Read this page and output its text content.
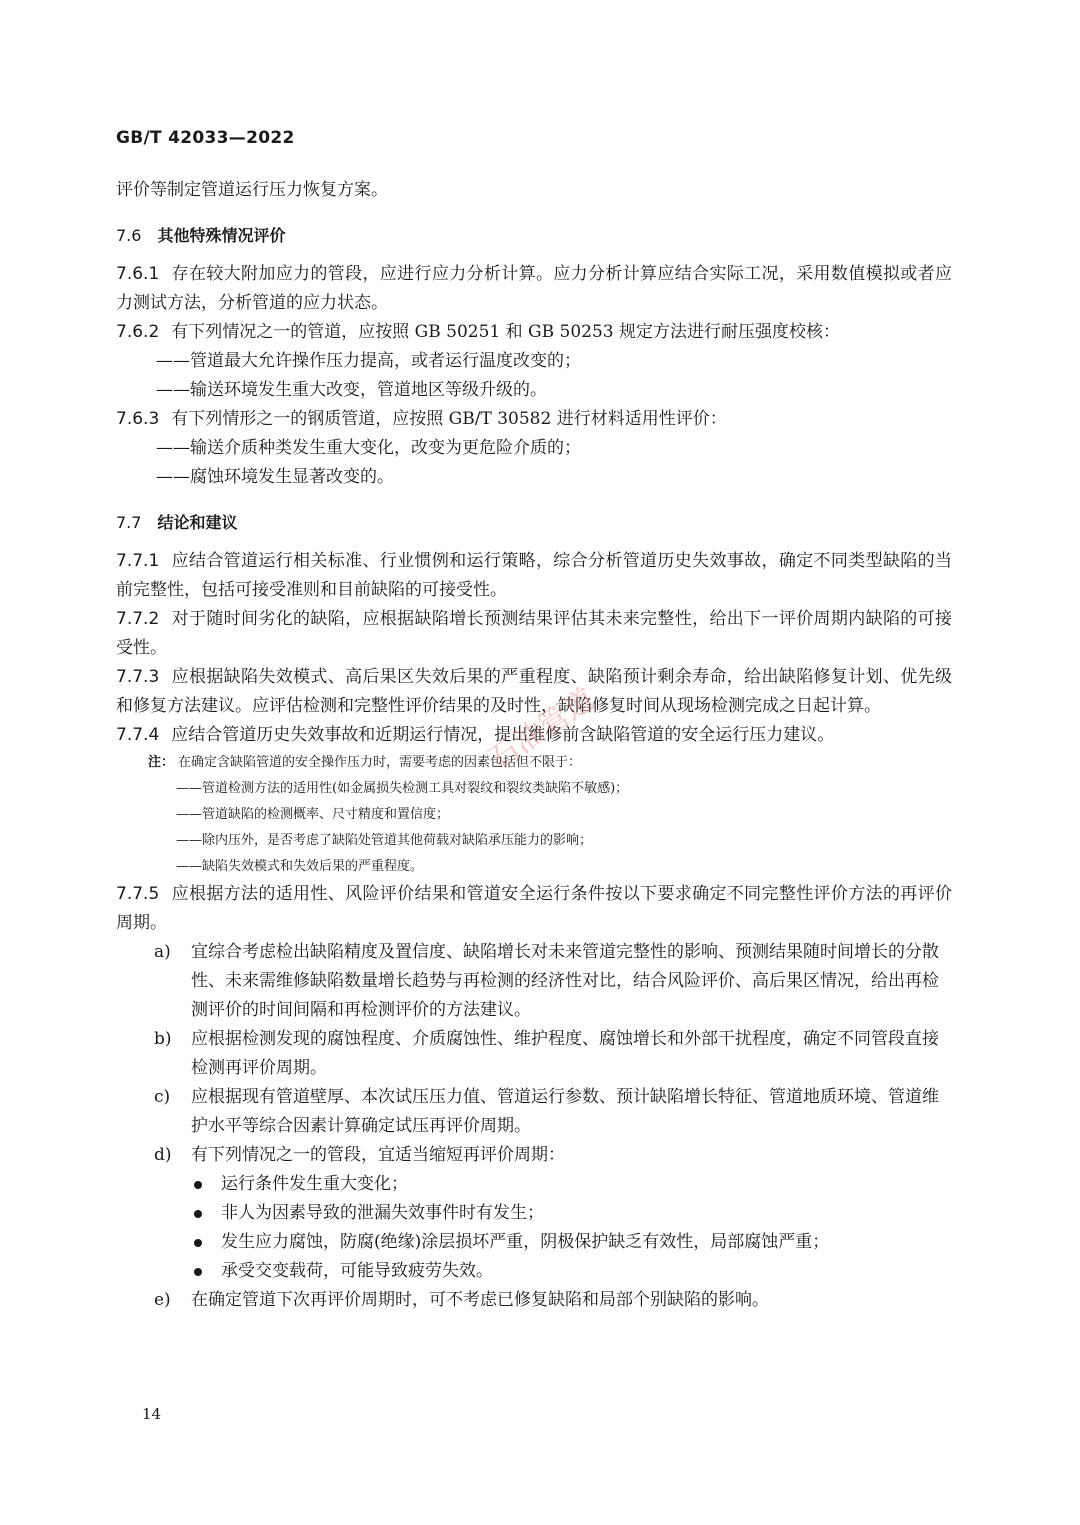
GB/T 42033—2022

评价等制定管道运行压力恢复方案。

7.6 其他特殊情况评价

7.6.1 存在较大附加应力的管段，应进行应力分析计算。应力分析计算应结合实际工况，采用数值模拟或者应力测试方法，分析管道的应力状态。

7.6.2 有下列情况之一的管道，应按照 GB 50251 和 GB 50253 规定方法进行耐压强度校核：

——管道最大允许操作压力提高，或者运行温度改变的；

——输送环境发生重大改变，管道地区等级升级的。

7.6.3 有下列情形之一的钢质管道，应按照 GB/T 30582 进行材料适用性评价：

——输送介质种类发生重大变化，改变为更危险介质的；

——腐蚀环境发生显著改变的。

7.7 结论和建议

7.7.1 应结合管道运行相关标准、行业惯例和运行策略，综合分析管道历史失效事故，确定不同类型缺陷的当前完整性，包括可接受准则和目前缺陷的可接受性。

7.7.2 对于随时间劣化的缺陷，应根据缺陷增长预测结果评估其未来完整性，给出下一评价周期内缺陷的可接受性。

7.7.3 应根据缺陷失效模式、高后果区失效后果的严重程度、缺陷预计剩余寿命，给出缺陷修复计划、优先级和修复方法建议。应评估检测和完整性评价结果的及时性，缺陷修复时间从现场检测完成之日起计算。

7.7.4 应结合管道历史失效事故和近期运行情况，提出维修前含缺陷管道的安全运行压力建议。

注： 在确定含缺陷管道的安全操作压力时，需要考虑的因素包括但不限于：

——管道检测方法的适用性(如金属损失检测工具对裂纹和裂纹类缺陷不敏感)；

——管道缺陷的检测概率、尺寸精度和置信度；

——除内压外，是否考虑了缺陷处管道其他荷载对缺陷承压能力的影响；

——缺陷失效模式和失效后果的严重程度。

7.7.5 应根据方法的适用性、风险评价结果和管道安全运行条件按以下要求确定不同完整性评价方法的再评价周期。

a) 宜综合考虑检出缺陷精度及置信度、缺陷增长对未来管道完整性的影响、预测结果随时间增长的分散性、未来需维修缺陷数量增长趋势与再检测的经济性对比，结合风险评价、高后果区情况，给出再检测评价的时间间隔和再检测评价的方法建议。

b) 应根据检测发现的腐蚀程度、介质腐蚀性、维护程度、腐蚀增长和外部干扰程度，确定不同管段直接检测再评价周期。

c) 应根据现有管道壁厚、本次试压压力值、管道运行参数、预计缺陷增长特征、管道地质环境、管道维护水平等综合因素计算确定试压再评价周期。

d) 有下列情况之一的管段，宜适当缩短再评价周期：

运行条件发生重大变化；

非人为因素导致的泄漏失效事件时有发生；

发生应力腐蚀，防腐(绝缘)涂层损坏严重，阴极保护缺乏有效性，局部腐蚀严重；

承受交变载荷，可能导致疲劳失效。

e) 在确定管道下次再评价周期时，可不考虑已修复缺陷和局部个别缺陷的影响。

石油管道
14
